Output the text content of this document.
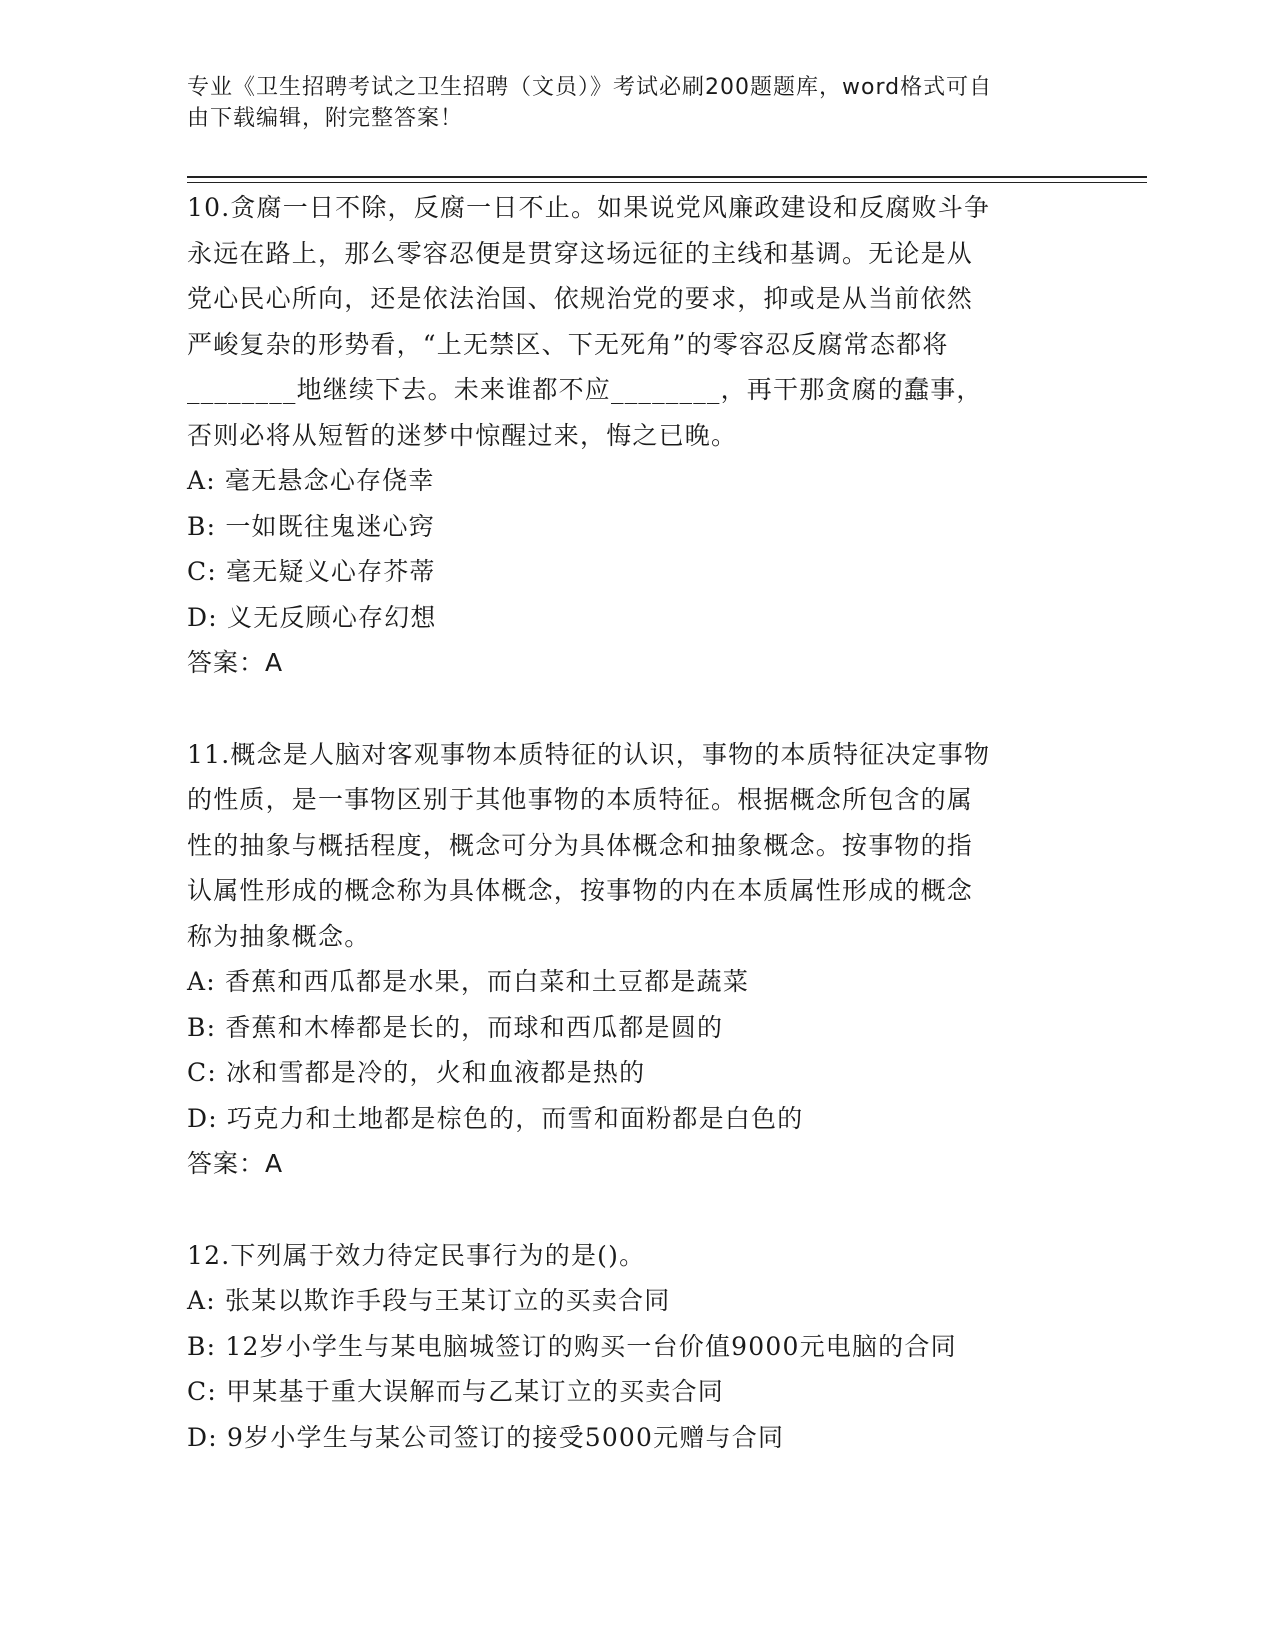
专业《卫生招聘考试之卫生招聘（文员）》考试必刷200题题库，word格式可自
由下载编辑，附完整答案！
10.贪腐一日不除，反腐一日不止。如果说党风廉政建设和反腐败斗争
永远在路上，那么零容忍便是贯穿这场远征的主线和基调。无论是从
党心民心所向，还是依法治国、依规治党的要求，抑或是从当前依然
严峻复杂的形势看，“上无禁区、下无死角”的零容忍反腐常态都将
________地继续下去。未来谁都不应________，再干那贪腐的蠢事，
否则必将从短暂的迷梦中惊醒过来，悔之已晚。
A: 毫无悬念心存侥幸
B: 一如既往鬼迷心窍
C: 毫无疑义心存芥蒂
D: 义无反顾心存幻想
答案：A
11.概念是人脑对客观事物本质特征的认识，事物的本质特征决定事物
的性质，是一事物区别于其他事物的本质特征。根据概念所包含的属
性的抽象与概括程度，概念可分为具体概念和抽象概念。按事物的指
认属性形成的概念称为具体概念，按事物的内在本质属性形成的概念
称为抽象概念。
A: 香蕉和西瓜都是水果，而白菜和土豆都是蔬菜
B: 香蕉和木棒都是长的，而球和西瓜都是圆的
C: 冰和雪都是冷的，火和血液都是热的
D: 巧克力和土地都是棕色的，而雪和面粉都是白色的
答案：A
12.下列属于效力待定民事行为的是()。
A: 张某以欺诈手段与王某订立的买卖合同
B: 12岁小学生与某电脑城签订的购买一台价值9000元电脑的合同
C: 甲某基于重大误解而与乙某订立的买卖合同
D: 9岁小学生与某公司签订的接受5000元赠与合同
